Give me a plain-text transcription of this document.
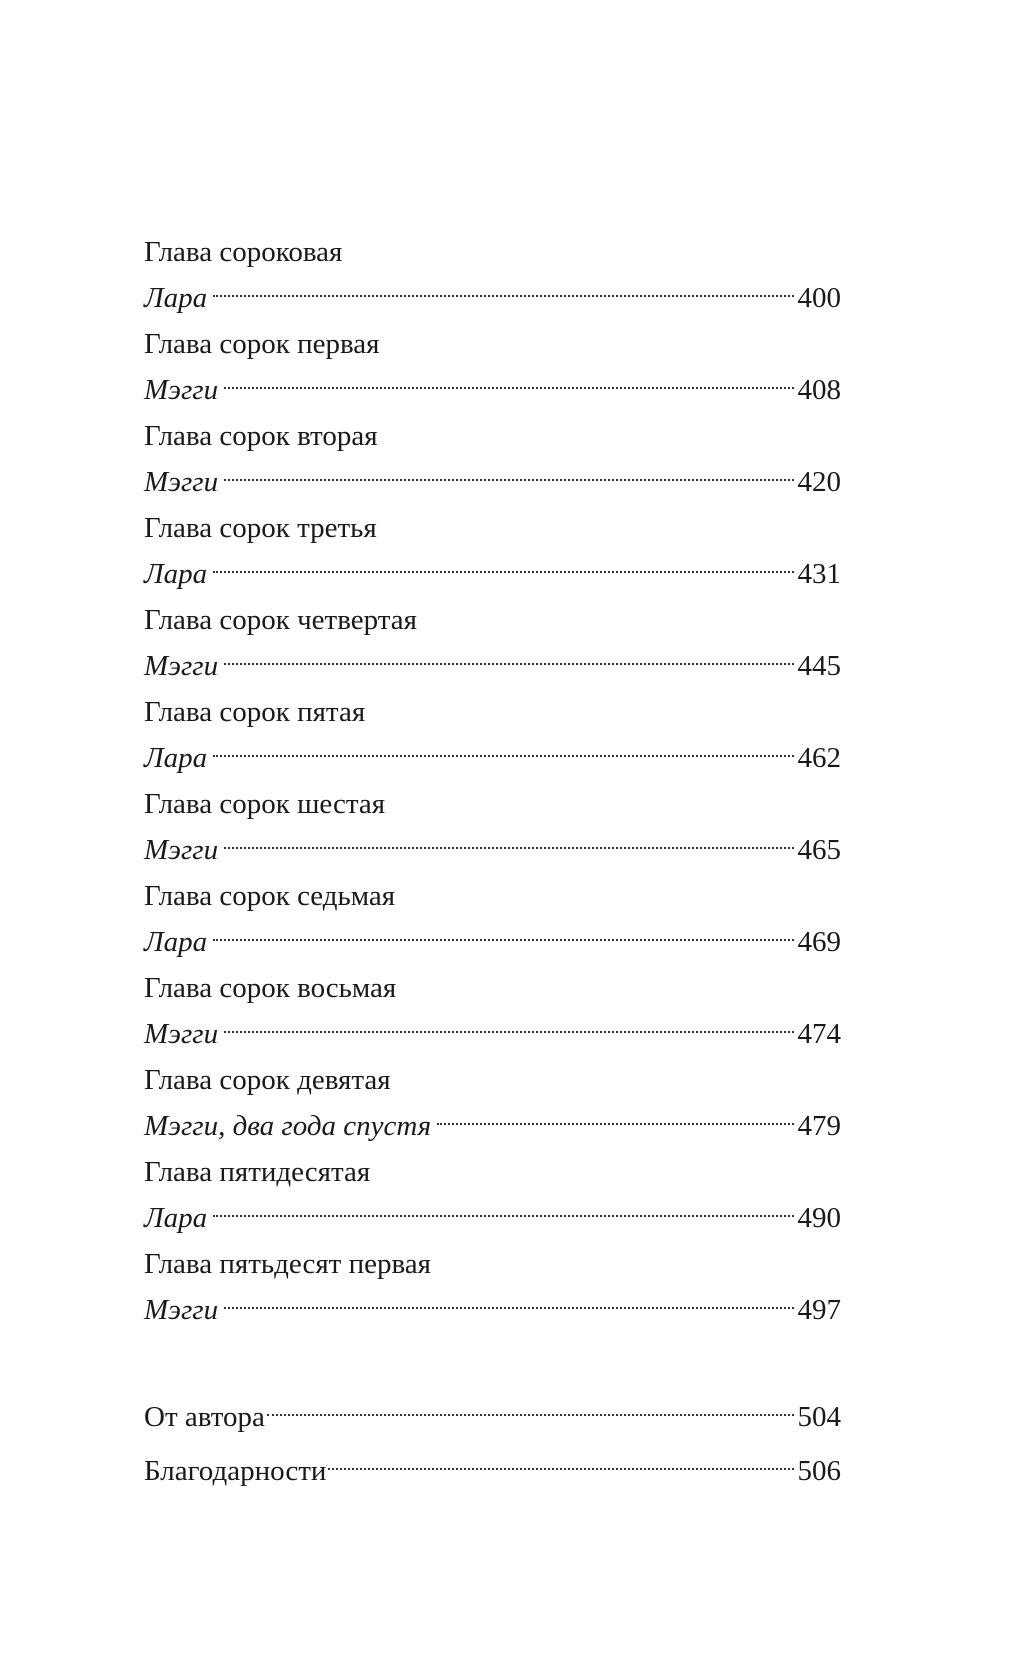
Глава сороковая
Лара	400
Глава сорок первая
Мэгги	408
Глава сорок вторая
Мэгги	420
Глава сорок третья
Лара	431
Глава сорок четвертая
Мэгги	445
Глава сорок пятая
Лара	462
Глава сорок шестая
Мэгги	465
Глава сорок седьмая
Лара	469
Глава сорок восьмая
Мэгги	474
Глава сорок девятая
Мэгги, два года спустя	479
Глава пятидесятая
Лара	490
Глава пятьдесят первая
Мэгги	497
От автора	504
Благодарности	506
